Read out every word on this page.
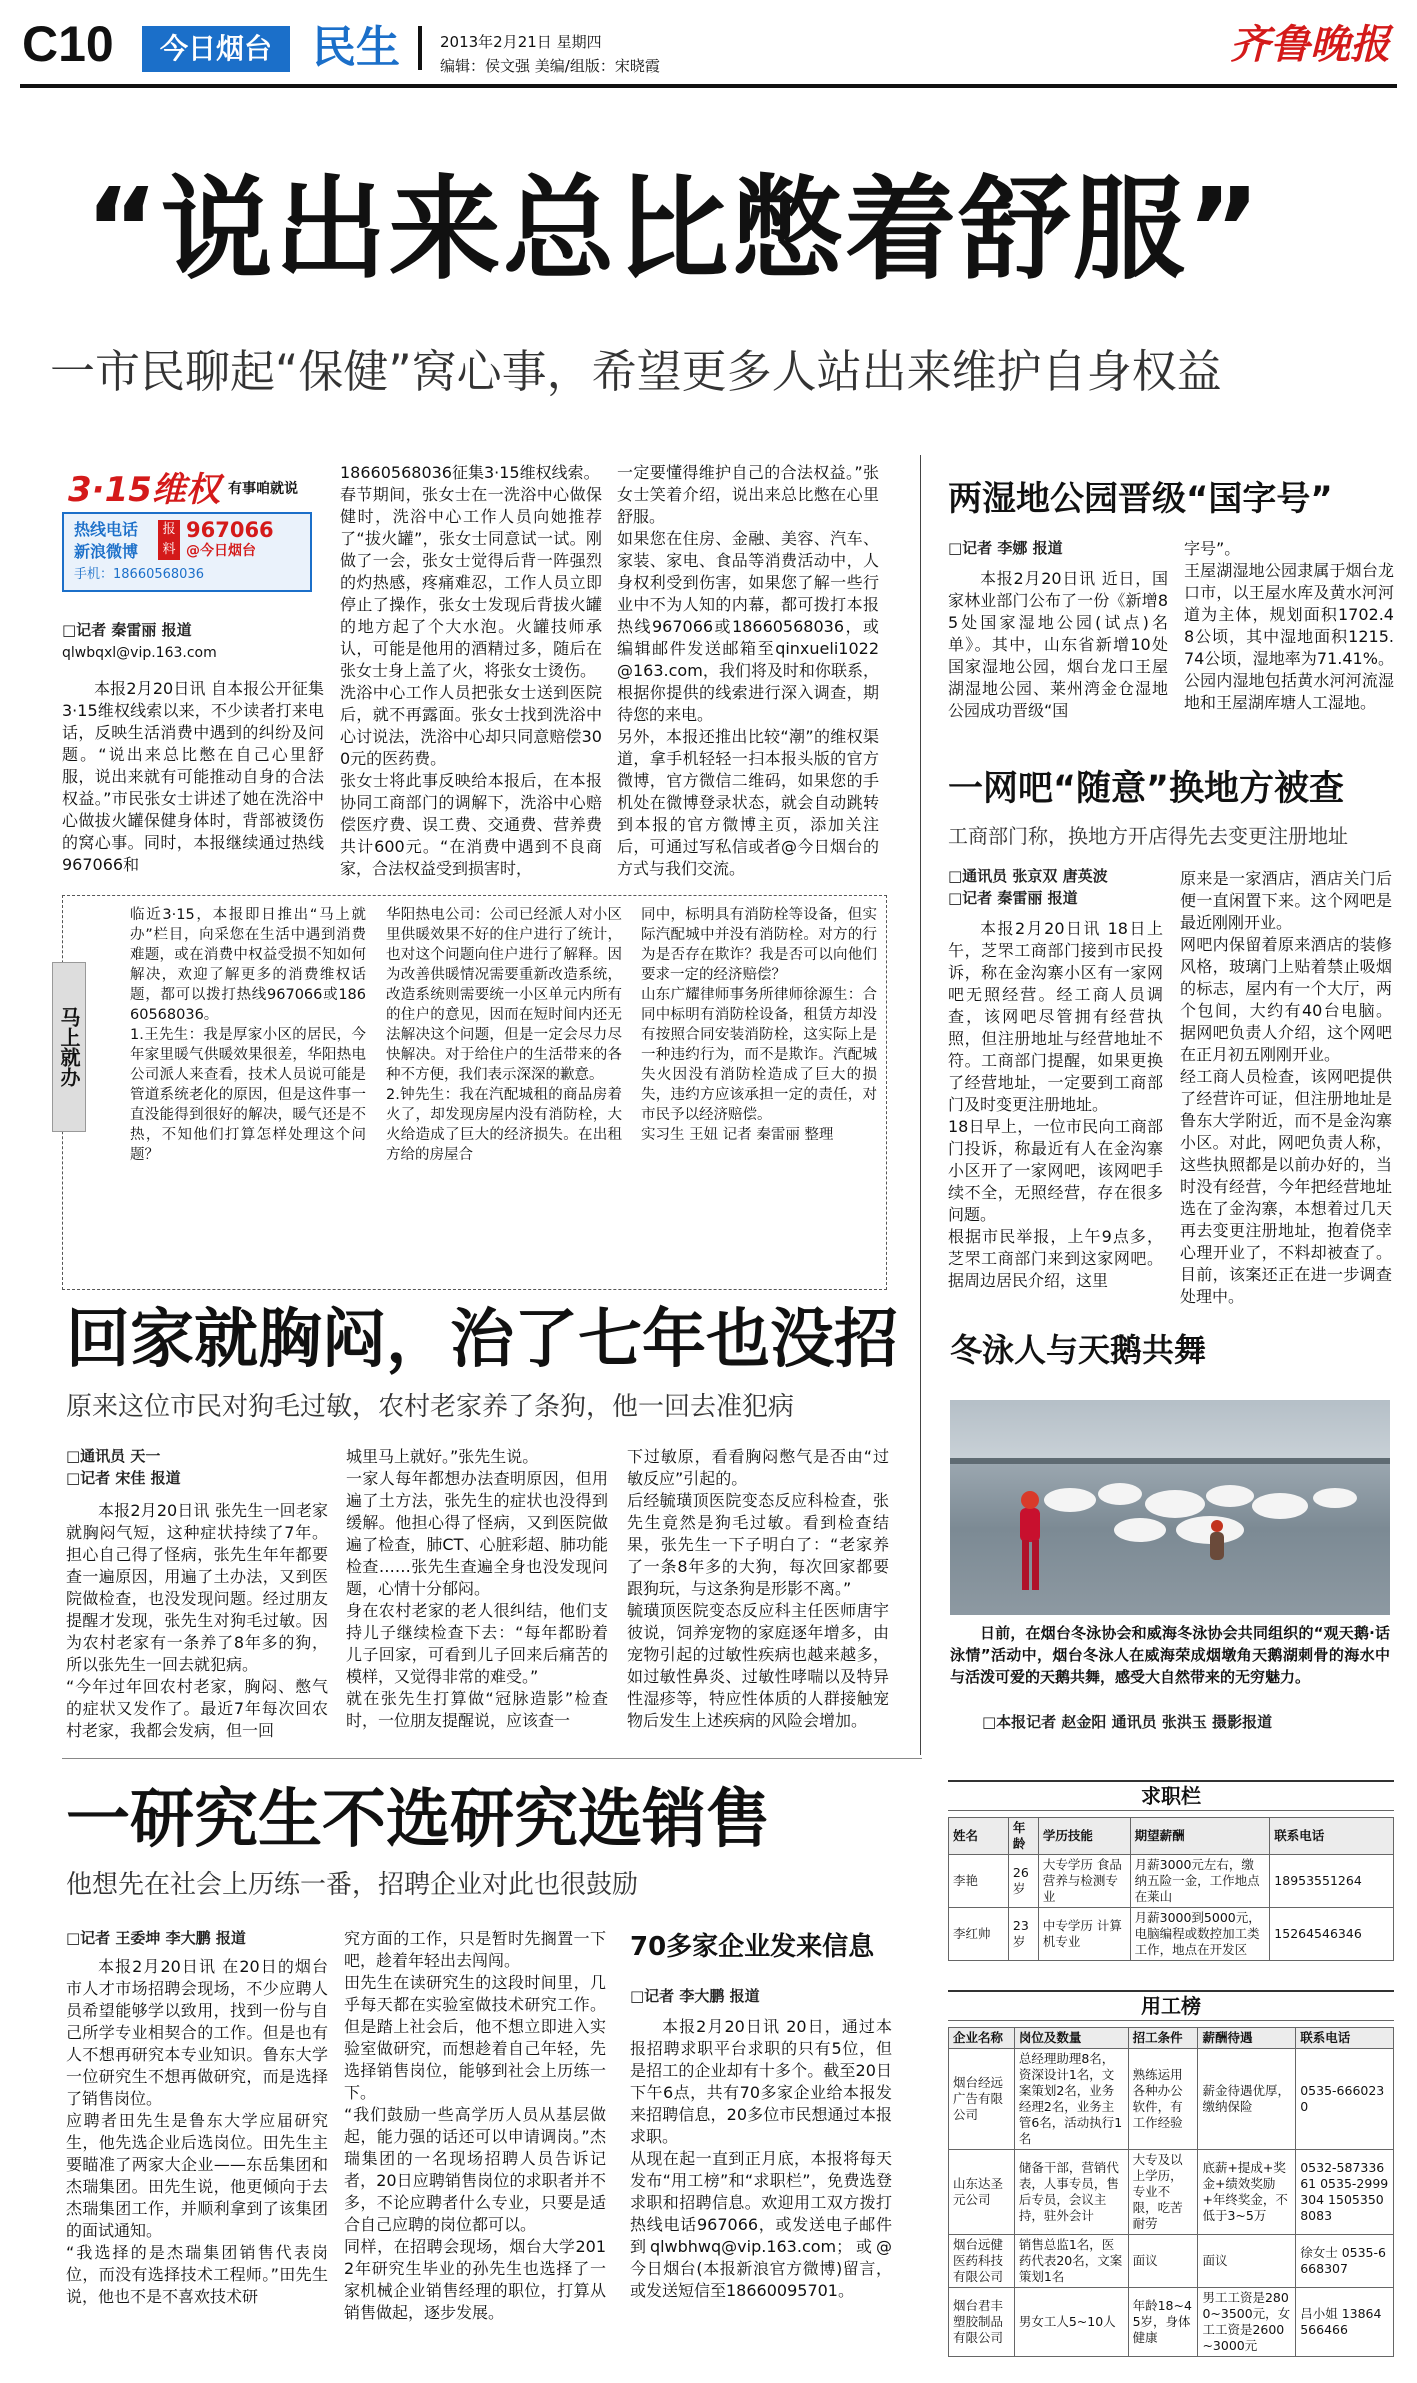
C10	今日烟台 民生	2013年2月21日 星期四
编辑：侯文强 美编/组版：宋晓霞	齐鲁晚报
“说出来总比憋着舒服”
一市民聊起“保健”窝心事，希望更多人站出来维护自身权益
3·15维权 有事咱就说
热线电话
新浪微博
报料
967066
@今日烟台
手机：18660568036
□记者 秦雷丽 报道
qlwbqxl@vip.163.com

本报2月20日讯 自本报公开征集3·15维权线索以来，不少读者打来电话，反映生活消费中遇到的纠纷及问题。“说出来总比憋在自己心里舒服，说出来就有可能推动自身的合法权益。”市民张女士讲述了她在洗浴中心做拔火罐保健身体时，背部被烫伤的窝心事。同时，本报继续通过热线967066和

18660568036征集3·15维权线索。
春节期间，张女士在一洗浴中心做保健时，洗浴中心工作人员向她推荐了“拔火罐”，张女士同意试一试。刚做了一会，张女士觉得后背一阵强烈的灼热感，疼痛难忍，工作人员立即停止了操作，张女士发现后背拔火罐的地方起了个大水泡。火罐技师承认，可能是他用的酒精过多，随后在张女士身上盖了火，将张女士烫伤。
洗浴中心工作人员把张女士送到医院后，就不再露面。张女士找到洗浴中心讨说法，洗浴中心却只同意赔偿300元的医药费。
张女士将此事反映给本报后，在本报协同工商部门的调解下，洗浴中心赔偿医疗费、误工费、交通费、营养费共计600元。“在消费中遇到不良商家，合法权益受到损害时，
一定要懂得维护自己的合法权益。”张女士笑着介绍，说出来总比憋在心里舒服。
如果您在住房、金融、美容、汽车、家装、家电、食品等消费活动中，人身权利受到伤害，如果您了解一些行业中不为人知的内幕，都可拨打本报热线967066或18660568036，或编辑邮件发送邮箱至qinxueli1022@163.com，我们将及时和你联系，根据你提供的线索进行深入调查，期待您的来电。
另外，本报还推出比较“潮”的维权渠道，拿手机轻轻一扫本报头版的官方微博，官方微信二维码，如果您的手机处在微博登录状态，就会自动跳转到本报的官方微博主页，添加关注后，可通过写私信或者@今日烟台的方式与我们交流。
马上就办
临近3·15，本报即日推出“马上就办”栏目，向采您在生活中遇到消费难题，或在消费中权益受损不知如何解决，欢迎了解更多的消费维权话题，都可以拨打热线967066或18660568036。
1.王先生：我是厚家小区的居民，今年家里暖气供暖效果很差，华阳热电公司派人来查看，技术人员说可能是管道系统老化的原因，但是这件事一直没能得到很好的解决，暖气还是不热，不知他们打算怎样处理这个问题？
华阳热电公司：公司已经派人对小区里供暖效果不好的住户进行了统计，也对这个问题向住户进行了解释。因为改善供暖情况需要重新改造系统，改造系统则需要统一小区单元内所有的住户的意见，因而在短时间内还无法解决这个问题，但是一定会尽力尽快解决。对于给住户的生活带来的各种不方便，我们表示深深的歉意。
2.钟先生：我在汽配城租的商品房着火了，却发现房屋内没有消防栓，大火给造成了巨大的经济损失。在出租方给的房屋合
同中，标明具有消防栓等设备，但实际汽配城中并没有消防栓。对方的行为是否存在欺诈？我是否可以向他们要求一定的经济赔偿？
山东广耀律师事务所律师徐源生：合同中标明有消防栓设备，租赁方却没有按照合同安装消防栓，这实际上是一种违约行为，而不是欺诈。汽配城失火因没有消防栓造成了巨大的损失，违约方应该承担一定的责任，对市民予以经济赔偿。
实习生 王妞 记者 秦雷丽 整理
回家就胸闷，治了七年也没招
原来这位市民对狗毛过敏，农村老家养了条狗，他一回去准犯病
□通讯员 天一
□记者 宋佳 报道
本报2月20日讯 张先生一回老家就胸闷气短，这种症状持续了7年。担心自己得了怪病，张先生年年都要查一遍原因，用遍了土办法，又到医院做检查，也没发现问题。经过朋友提醒才发现，张先生对狗毛过敏。因为农村老家有一条养了8年多的狗，所以张先生一回去就犯病。
“今年过年回农村老家，胸闷、憋气的症状又发作了。最近7年每次回农村老家，我都会发病，但一回
城里马上就好。”张先生说。
一家人每年都想办法查明原因，但用遍了土方法，张先生的症状也没得到缓解。他担心得了怪病，又到医院做遍了检查，肺CT、心脏彩超、肺功能检查……张先生查遍全身也没发现问题，心情十分郁闷。
身在农村老家的老人很纠结，他们支持儿子继续检查下去：“每年都盼着儿子回家，可看到儿子回来后痛苦的模样，又觉得非常的难受。”
就在张先生打算做“冠脉造影”检查时，一位朋友提醒说，应该查一
下过敏原，看看胸闷憋气是否由“过敏反应”引起的。
后经毓璜顶医院变态反应科检查，张先生竟然是狗毛过敏。看到检查结果，张先生一下子明白了：“老家养了一条8年多的大狗，每次回家都要跟狗玩，与这条狗是形影不离。”
毓璜顶医院变态反应科主任医师唐宇彼说，饲养宠物的家庭逐年增多，由宠物引起的过敏性疾病也越来越多，如过敏性鼻炎、过敏性哮喘以及特异性湿疹等，特应性体质的人群接触宠物后发生上述疾病的风险会增加。
一研究生不选研究选销售
他想先在社会上历练一番，招聘企业对此也很鼓励
□记者 王委坤 李大鹏 报道
本报2月20日讯 在20日的烟台市人才市场招聘会现场，不少应聘人员希望能够学以致用，找到一份与自己所学专业相契合的工作。但是也有人不想再研究本专业知识。鲁东大学一位研究生不想再做研究，而是选择了销售岗位。
应聘者田先生是鲁东大学应届研究生，他先选企业后选岗位。田先生主要瞄准了两家大企业——东岳集团和杰瑞集团。田先生说，他更倾向于去杰瑞集团工作，并顺利拿到了该集团的面试通知。
“我选择的是杰瑞集团销售代表岗位，而没有选择技术工程师。”田先生说，他也不是不喜欢技术研
究方面的工作，只是暂时先搁置一下吧，趁着年轻出去闯闯。
田先生在读研究生的这段时间里，几乎每天都在实验室做技术研究工作。但是踏上社会后，他不想立即进入实验室做研究，而想趁着自己年轻，先选择销售岗位，能够到社会上历练一下。
“我们鼓励一些高学历人员从基层做起，能力强的话还可以申请调岗。”杰瑞集团的一名现场招聘人员告诉记者，20日应聘销售岗位的求职者并不多，不论应聘者什么专业，只要是适合自己应聘的岗位都可以。
同样，在招聘会现场，烟台大学2012年研究生毕业的孙先生也选择了一家机械企业销售经理的职位，打算从销售做起，逐步发展。
70多家企业发来信息
□记者 李大鹏 报道
本报2月20日讯 20日，通过本报招聘求职平台求职的只有5位，但是招工的企业却有十多个。截至20日下午6点，共有70多家企业给本报发来招聘信息，20多位市民想通过本报求职。
从现在起一直到正月底，本报将每天发布“用工榜”和“求职栏”，免费选登求职和招聘信息。欢迎用工双方拨打热线电话967066，或发送电子邮件到qlwbhwq@vip.163.com；或@今日烟台(本报新浪官方微博)留言，或发送短信至18660095701。
两湿地公园晋级“国字号”
□记者 李娜 报道
本报2月20日讯 近日，国家林业部门公布了一份《新增85处国家湿地公园(试点)名单》。其中，山东省新增10处国家湿地公园，烟台龙口王屋湖湿地公园、莱州湾金仓湿地公园成功晋级“国
字号”。
王屋湖湿地公园隶属于烟台龙口市，以王屋水库及黄水河河道为主体，规划面积1702.48公顷，其中湿地面积1215.74公顷，湿地率为71.41%。公园内湿地包括黄水河河流湿地和王屋湖库塘人工湿地。
一网吧“随意”换地方被查
工商部门称，换地方开店得先去变更注册地址
□通讯员 张京双 唐英波
□记者 秦雷丽 报道
本报2月20日讯 18日上午，芝罘工商部门接到市民投诉，称在金沟寨小区有一家网吧无照经营。经工商人员调查，该网吧尽管拥有经营执照，但注册地址与经营地址不符。工商部门提醒，如果更换了经营地址，一定要到工商部门及时变更注册地址。
18日早上，一位市民向工商部门投诉，称最近有人在金沟寨小区开了一家网吧，该网吧手续不全，无照经营，存在很多问题。
根据市民举报，上午9点多，芝罘工商部门来到这家网吧。据周边居民介绍，这里
原来是一家酒店，酒店关门后便一直闲置下来。这个网吧是最近刚刚开业。
网吧内保留着原来酒店的装修风格，玻璃门上贴着禁止吸烟的标志，屋内有一个大厅，两个包间，大约有40台电脑。据网吧负责人介绍，这个网吧在正月初五刚刚开业。
经工商人员检查，该网吧提供了经营许可证，但注册地址是鲁东大学附近，而不是金沟寨小区。对此，网吧负责人称，这些执照都是以前办好的，当时没有经营，今年把经营地址选在了金沟寨，本想着过几天再去变更注册地址，抱着侥幸心理开业了，不料却被查了。目前，该案还正在进一步调查处理中。
冬泳人与天鹅共舞
日前，在烟台冬泳协会和威海冬泳协会共同组织的“观天鹅·话泳情”活动中，烟台冬泳人在威海荣成烟墩角天鹅湖刺骨的海水中与活泼可爱的天鹅共舞，感受大自然带来的无穷魅力。
□本报记者 赵金阳 通讯员 张洪玉 摄影报道
求职栏
姓名	年龄	学历技能	期望薪酬	联系电话
李艳	26岁	大专学历 食品营养与检测专业	月薪3000元左右，缴纳五险一金，工作地点在莱山	18953551264
李红帅	23岁	中专学历 计算机专业	月薪3000到5000元，电脑编程或数控加工类工作，地点在开发区	15264546346
用工榜
企业名称	岗位及数量	招工条件	薪酬待遇	联系电话
烟台经远广告有限公司	总经理助理8名，资深设计1名，文案策划2名，业务经理2名，业务主管6名，活动执行1名	熟练运用各种办公软件，有工作经验	薪金待遇优厚，缴纳保险	0535-6660230
山东达圣元公司	储备干部，营销代表，人事专员，售后专员，会议主持，驻外会计	大专及以上学历，专业不限，吃苦耐劳	底薪+提成+奖金+绩效奖励+年终奖金，不低于3~5万	0532-58733661 0535-2999304 15053508083
烟台远健医药科技有限公司	销售总监1名，医药代表20名，文案策划1名	面议	面议	徐女士 0535-6668307
烟台君丰塑胶制品有限公司	男女工人5~10人	年龄18~45岁，身体健康	男工工资是2800~3500元，女工工资是2600~3000元	吕小姐 13864566466
